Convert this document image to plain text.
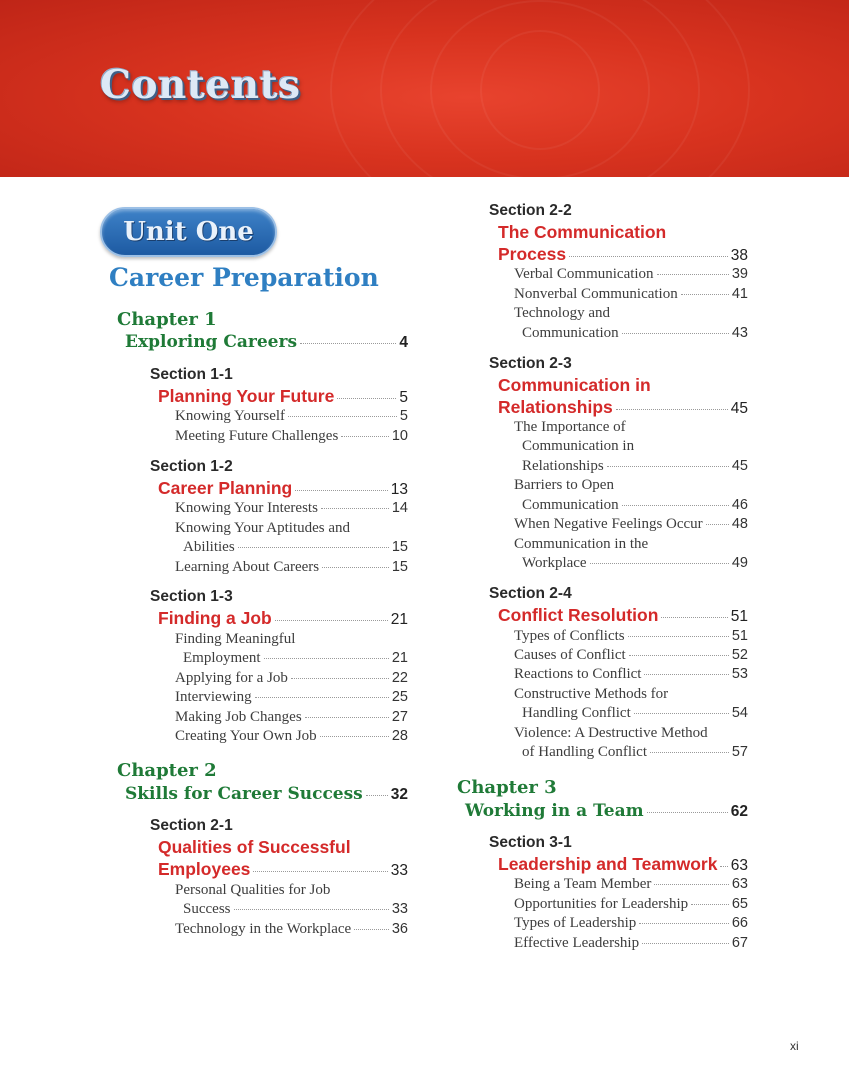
Contents
Unit One
Career Preparation
Chapter 1
Exploring Careers	4
Section 1-1
Planning Your Future	5
Knowing Yourself	5
Meeting Future Challenges	10
Section 1-2
Career Planning	13
Knowing Your Interests	14
Knowing Your Aptitudes and
Abilities	15
Learning About Careers	15
Section 1-3
Finding a Job	21
Finding Meaningful
Employment	21
Applying for a Job	22
Interviewing	25
Making Job Changes	27
Creating Your Own Job	28
Chapter 2
Skills for Career Success 32
Section 2-1
Qualities of Successful
Employees	33
Personal Qualities for Job
Success	33
Technology in the Workplace	36
Section 2-2
The Communication
Process	38
Verbal Communication	39
Nonverbal Communication	41
Technology and
Communication	43
Section 2-3
Communication in
Relationships	45
The Importance of
Communication in
Relationships	45
Barriers to Open
Communication	46
When Negative Feelings Occur 48
Communication in the
Workplace	49
Section 2-4
Conflict Resolution	51
Types of Conflicts	51
Causes of Conflict	52
Reactions to Conflict	53
Constructive Methods for
Handling Conflict	54
Violence: A Destructive Method
of Handling Conflict	57
Chapter 3
Working in a Team	62
Section 3-1
Leadership and Teamwork 63
Being a Team Member	63
Opportunities for Leadership	65
Types of Leadership	66
Effective Leadership	67
xi
